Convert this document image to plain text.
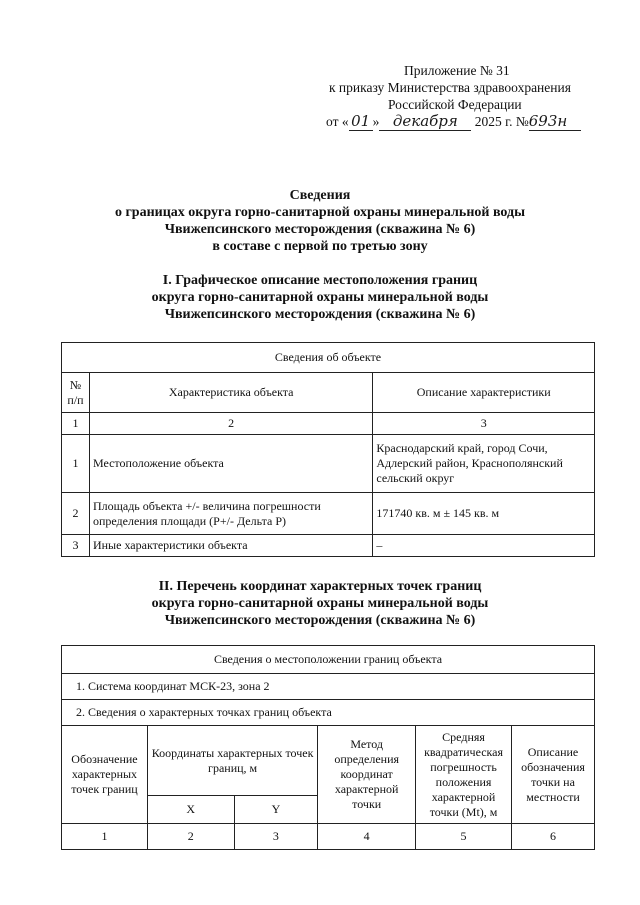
Приложение № 31
к приказу Министерства здравоохранения
Российской Федерации
от « 01 » декабря 2025 г. №693н
Сведения
о границах округа горно-санитарной охраны минеральной воды
Чвижепсинского месторождения (скважина № 6)
в составе с первой по третью зону
I. Графическое описание местоположения границ
округа горно-санитарной охраны минеральной воды
Чвижепсинского месторождения (скважина № 6)
Сведения об объекте		
№ п/п	Характеристика объекта	Описание характеристики
1	2	3
1	Местоположение объекта	Краснодарский край, город Сочи, Адлерский район, Краснополянский сельский округ
2	Площадь объекта +/- величина погрешности определения площади (Р+/- Дельта Р)	171740 кв. м ± 145 кв. м
3	Иные характеристики объекта	–
II. Перечень координат характерных точек границ
округа горно-санитарной охраны минеральной воды
Чвижепсинского месторождения (скважина № 6)
Сведения о местоположении границ объекта					
1. Система координат МСК-23, зона 2					
2. Сведения о характерных точках границ объекта					
Обозначение характерных точек границ	Координаты характерных точек границ, м		Метод определения координат характерной точки	Средняя квадратическая погрешность положения характерной точки (Mt), м	Описание обозначения точки на местности
	X	Y			
1	2	3	4	5	6
